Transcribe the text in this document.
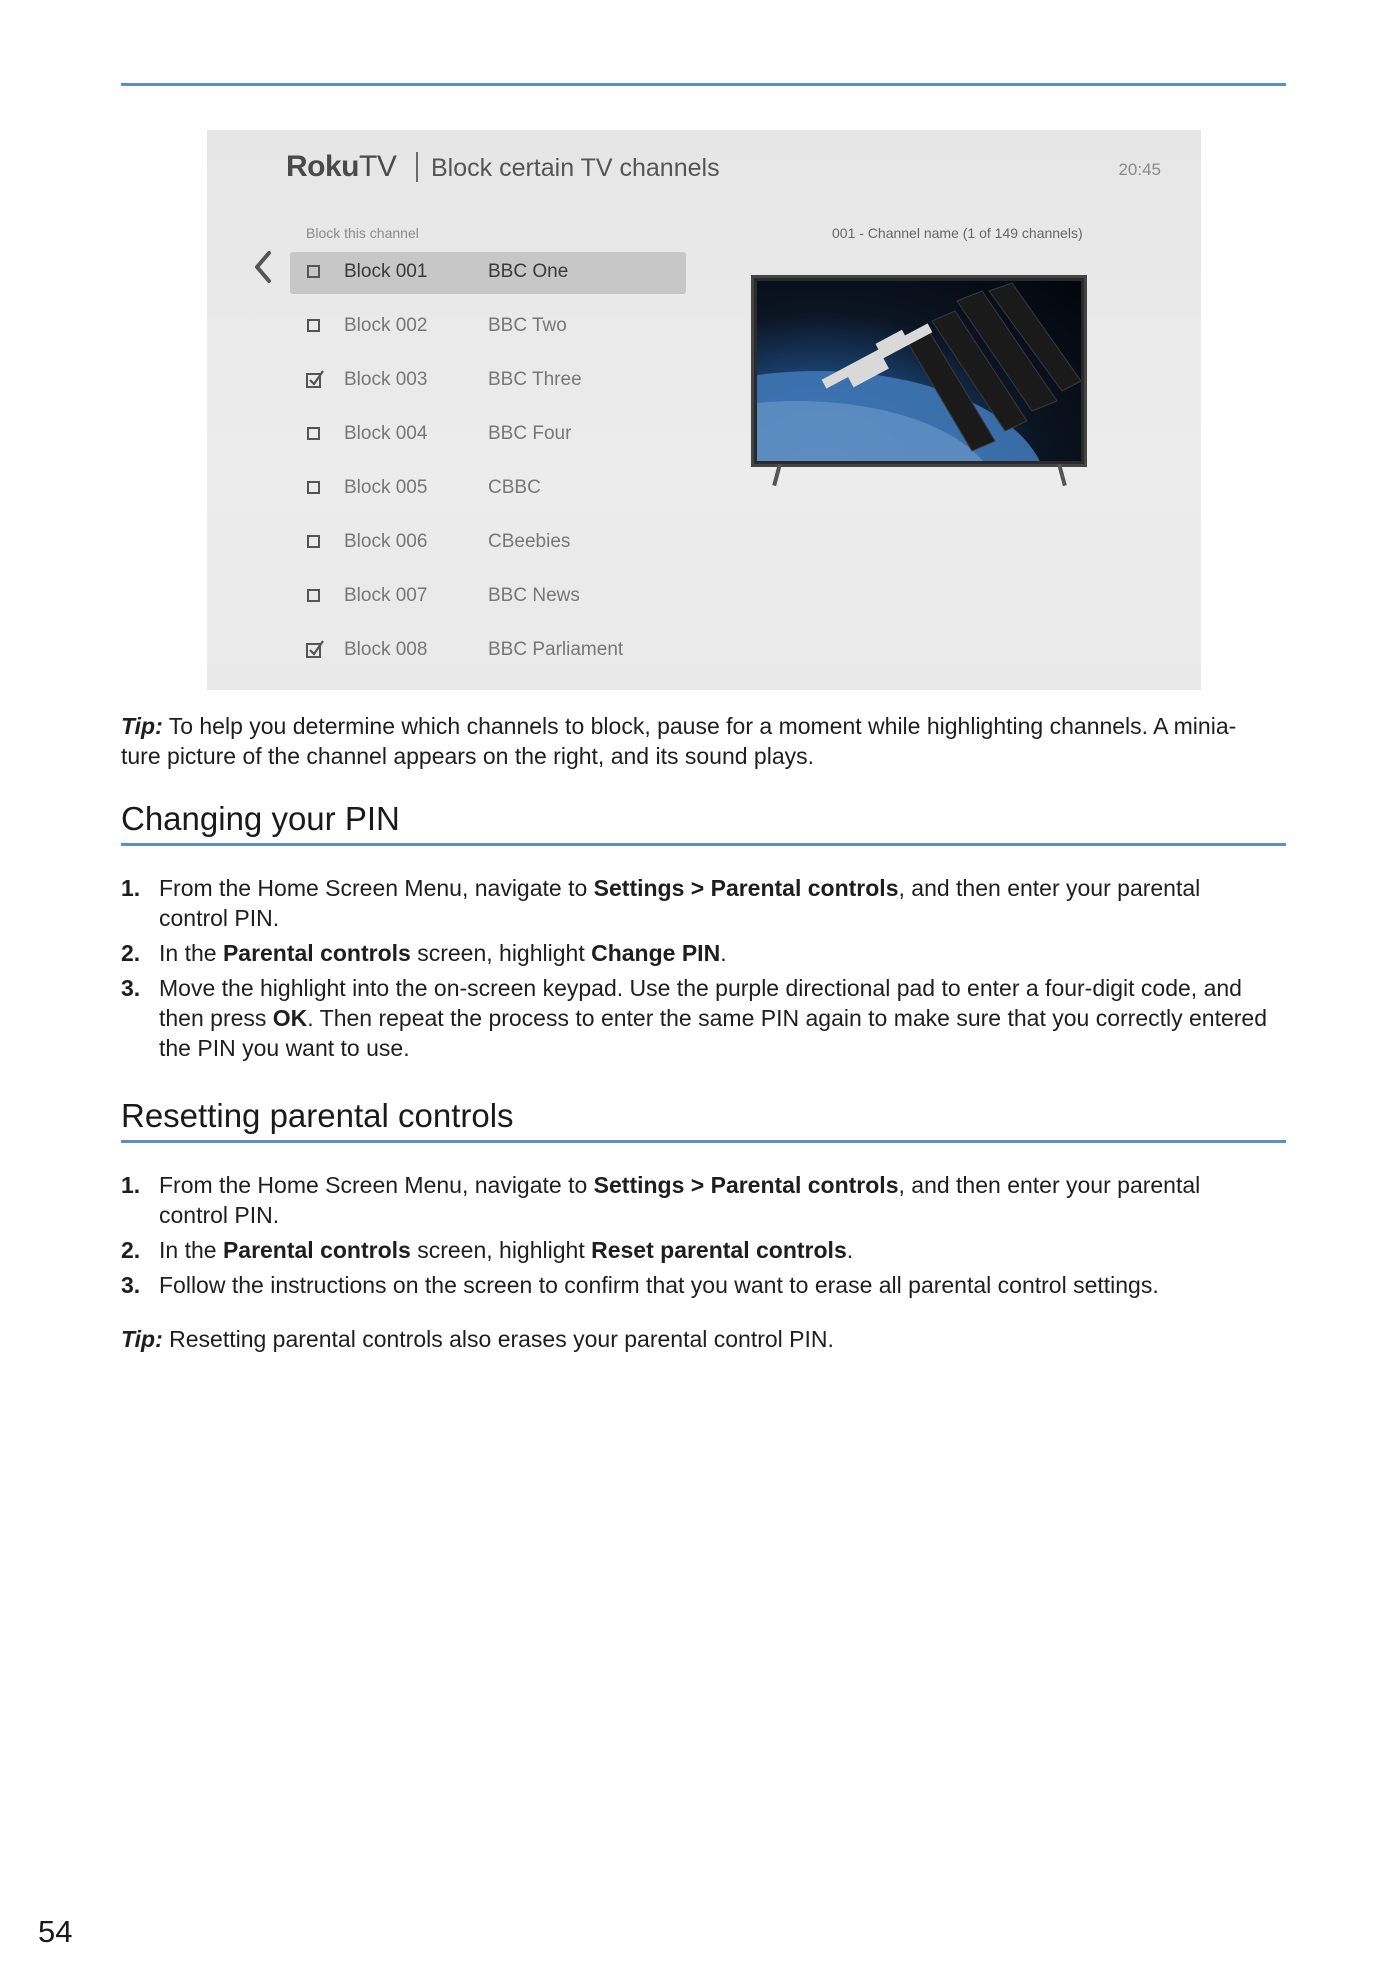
RokuTV Block certain TV channels	20:45
Block this channel	001 - Channel name (1 of 149 channels)
Block 001	BBC One
Block 002	BBC Two
Block 003	BBC Three
Block 004	BBC Four
Block 005	CBBC
Block 006	CBeebies
Block 007	BBC News
Block 008	BBC Parliament
Tip: To help you determine which channels to block, pause for a moment while highlighting channels. A minia-
ture picture of the channel appears on the right, and its sound plays.
Changing your PIN
1. From the Home Screen Menu, navigate to Settings > Parental controls, and then enter your parental
control PIN.
2. In the Parental controls screen, highlight Change PIN.
3. Move the highlight into the on-screen keypad. Use the purple directional pad to enter a four-digit code, and
then press OK. Then repeat the process to enter the same PIN again to make sure that you correctly entered
the PIN you want to use.
Resetting parental controls
1. From the Home Screen Menu, navigate to Settings > Parental controls, and then enter your parental
control PIN.
2. In the Parental controls screen, highlight Reset parental controls.
3. Follow the instructions on the screen to confirm that you want to erase all parental control settings.
Tip: Resetting parental controls also erases your parental control PIN.
54
